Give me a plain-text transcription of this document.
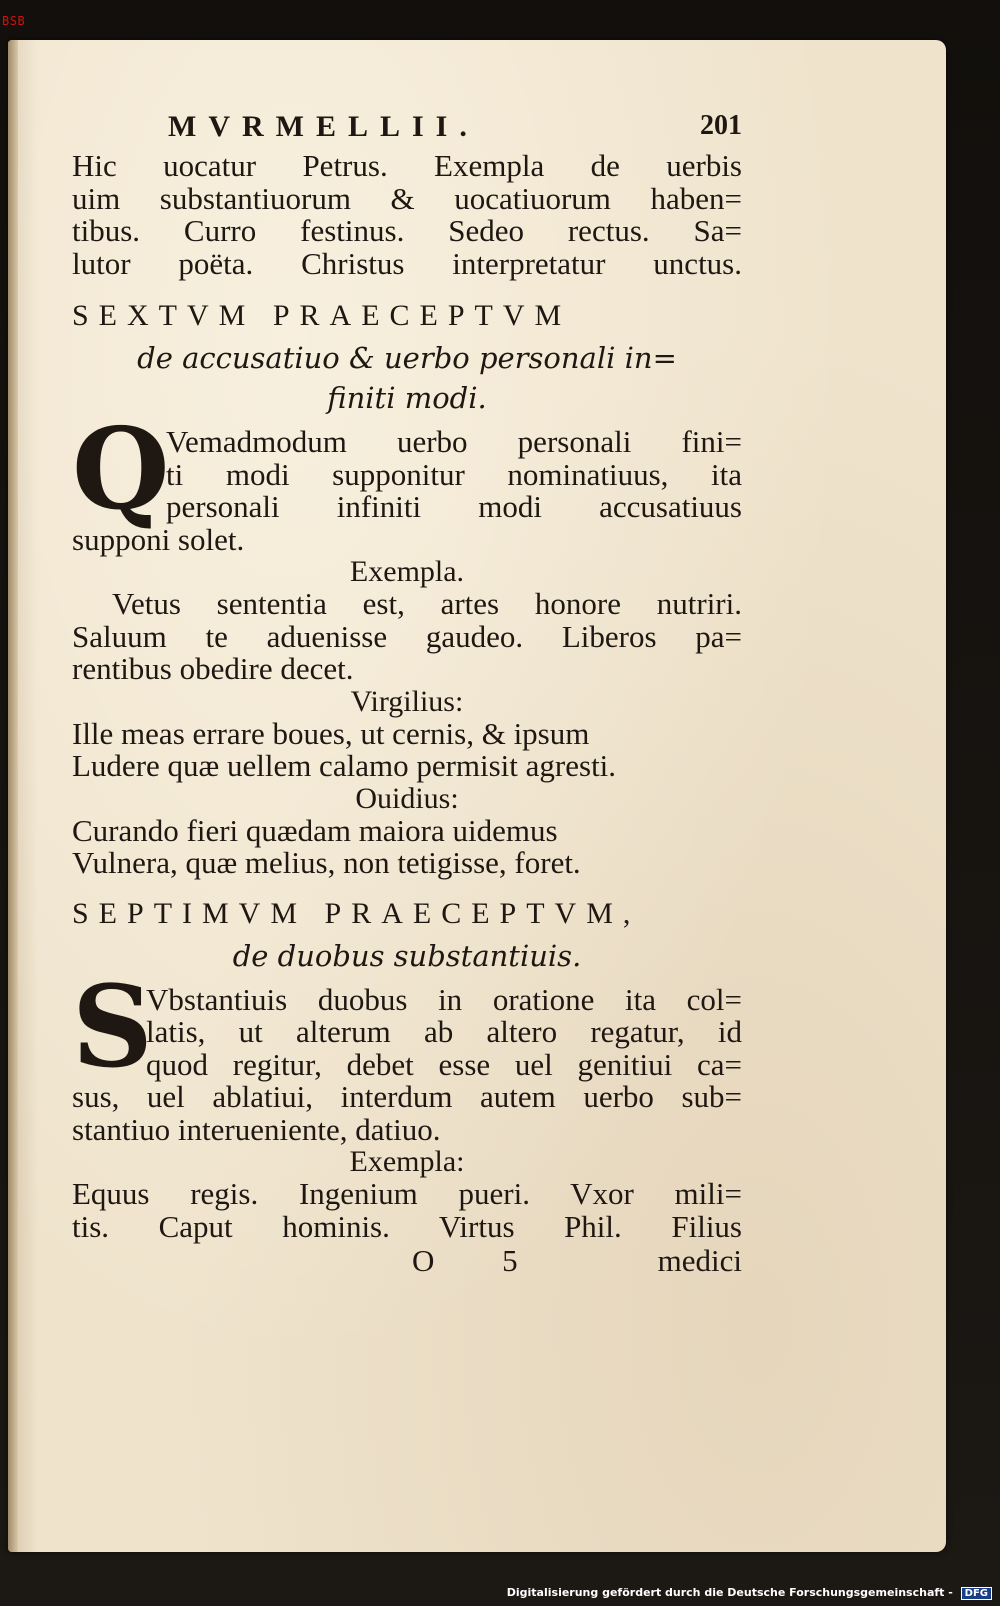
BSB
MVRMELLII.	201
Hic uocatur Petrus. Exempla de uerbis
uim substantiuorum & uocatiuorum haben=
tibus. Curro festinus. Sedeo rectus. Sa=
lutor poëta. Christus interpretatur unctus.
SEXTVM PRAECEPTVM
de accusatiuo & uerbo personali in=
finiti modi.
Q
Vemadmodum uerbo personali fini=
ti modi supponitur nominatiuus, ita
personali infiniti modi accusatiuus
supponi solet.
Exempla.
Vetus sententia est, artes honore nutriri.
Saluum te aduenisse gaudeo. Liberos pa=
rentibus obedire decet.
Virgilius:
Ille meas errare boues, ut cernis, & ipsum
Ludere quæ uellem calamo permisit agresti.
Ouidius:
Curando fieri quædam maiora uidemus
Vulnera, quæ melius, non tetigisse, foret.
SEPTIMVM PRAECEPTVM,
de duobus substantiuis.
S
Vbstantiuis duobus in oratione ita col=
latis, ut alterum ab altero regatur, id
quod regitur, debet esse uel genitiui ca=
sus, uel ablatiui, interdum autem uerbo sub=
stantiuo interueniente, datiuo.
Exempla:
Equus regis. Ingenium pueri. Vxor mili=
tis. Caput hominis. Virtus Phil. Filius
O 5	medici
Digitalisierung gefördert durch die Deutsche Forschungsgemeinschaft - DFG
